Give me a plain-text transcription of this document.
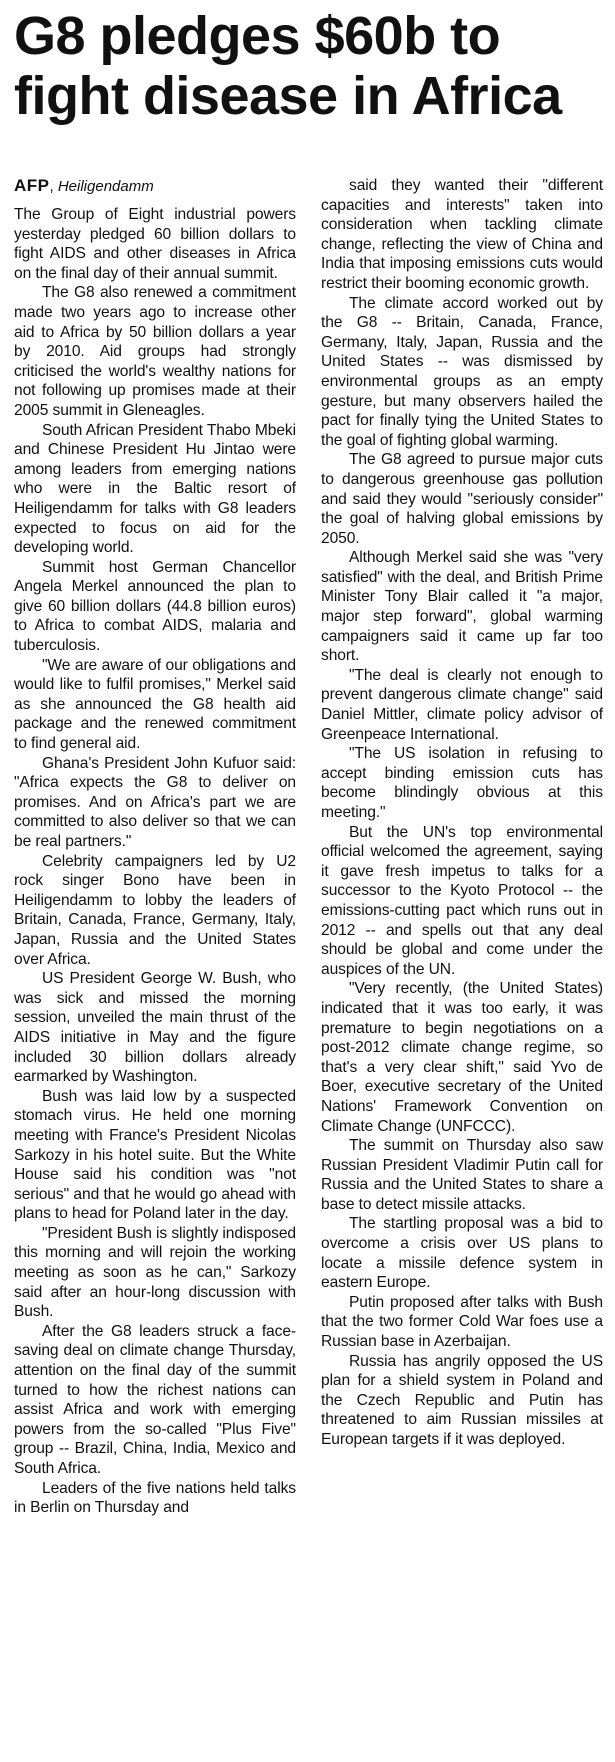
G8 pledges $60b to
fight disease in Africa
AFP, Heiligendamm

The Group of Eight industrial powers yesterday pledged 60 billion dollars to fight AIDS and other diseases in Africa on the final day of their annual summit.

The G8 also renewed a commitment made two years ago to increase other aid to Africa by 50 billion dollars a year by 2010. Aid groups had strongly criticised the world's wealthy nations for not following up promises made at their 2005 summit in Gleneagles.

South African President Thabo Mbeki and Chinese President Hu Jintao were among leaders from emerging nations who were in the Baltic resort of Heiligendamm for talks with G8 leaders expected to focus on aid for the developing world.

Summit host German Chancellor Angela Merkel announced the plan to give 60 billion dollars (44.8 billion euros) to Africa to combat AIDS, malaria and tuberculosis.

"We are aware of our obligations and would like to fulfil promises," Merkel said as she announced the G8 health aid package and the renewed commitment to find general aid.

Ghana's President John Kufuor said: "Africa expects the G8 to deliver on promises. And on Africa's part we are committed to also deliver so that we can be real partners."

Celebrity campaigners led by U2 rock singer Bono have been in Heiligendamm to lobby the leaders of Britain, Canada, France, Germany, Italy, Japan, Russia and the United States over Africa.

US President George W. Bush, who was sick and missed the morning session, unveiled the main thrust of the AIDS initiative in May and the figure included 30 billion dollars already earmarked by Washington.

Bush was laid low by a suspected stomach virus. He held one morning meeting with France's President Nicolas Sarkozy in his hotel suite. But the White House said his condition was "not serious" and that he would go ahead with plans to head for Poland later in the day.

"President Bush is slightly indisposed this morning and will rejoin the working meeting as soon as he can," Sarkozy said after an hour-long discussion with Bush.

After the G8 leaders struck a face-saving deal on climate change Thursday, attention on the final day of the summit turned to how the richest nations can assist Africa and work with emerging powers from the so-called "Plus Five" group -- Brazil, China, India, Mexico and South Africa.

Leaders of the five nations held talks in Berlin on Thursday and

said they wanted their "different capacities and interests" taken into consideration when tackling climate change, reflecting the view of China and India that imposing emissions cuts would restrict their booming economic growth.

The climate accord worked out by the G8 -- Britain, Canada, France, Germany, Italy, Japan, Russia and the United States -- was dismissed by environmental groups as an empty gesture, but many observers hailed the pact for finally tying the United States to the goal of fighting global warming.

The G8 agreed to pursue major cuts to dangerous greenhouse gas pollution and said they would "seriously consider" the goal of halving global emissions by 2050.

Although Merkel said she was "very satisfied" with the deal, and British Prime Minister Tony Blair called it "a major, major step forward", global warming campaigners said it came up far too short.

"The deal is clearly not enough to prevent dangerous climate change" said Daniel Mittler, climate policy advisor of Greenpeace International.

"The US isolation in refusing to accept binding emission cuts has become blindingly obvious at this meeting."

But the UN's top environmental official welcomed the agreement, saying it gave fresh impetus to talks for a successor to the Kyoto Protocol -- the emissions-cutting pact which runs out in 2012 -- and spells out that any deal should be global and come under the auspices of the UN.

"Very recently, (the United States) indicated that it was too early, it was premature to begin negotiations on a post-2012 climate change regime, so that's a very clear shift," said Yvo de Boer, executive secretary of the United Nations' Framework Convention on Climate Change (UNFCCC).

The summit on Thursday also saw Russian President Vladimir Putin call for Russia and the United States to share a base to detect missile attacks.

The startling proposal was a bid to overcome a crisis over US plans to locate a missile defence system in eastern Europe.

Putin proposed after talks with Bush that the two former Cold War foes use a Russian base in Azerbaijan.

Russia has angrily opposed the US plan for a shield system in Poland and the Czech Republic and Putin has threatened to aim Russian missiles at European targets if it was deployed.
